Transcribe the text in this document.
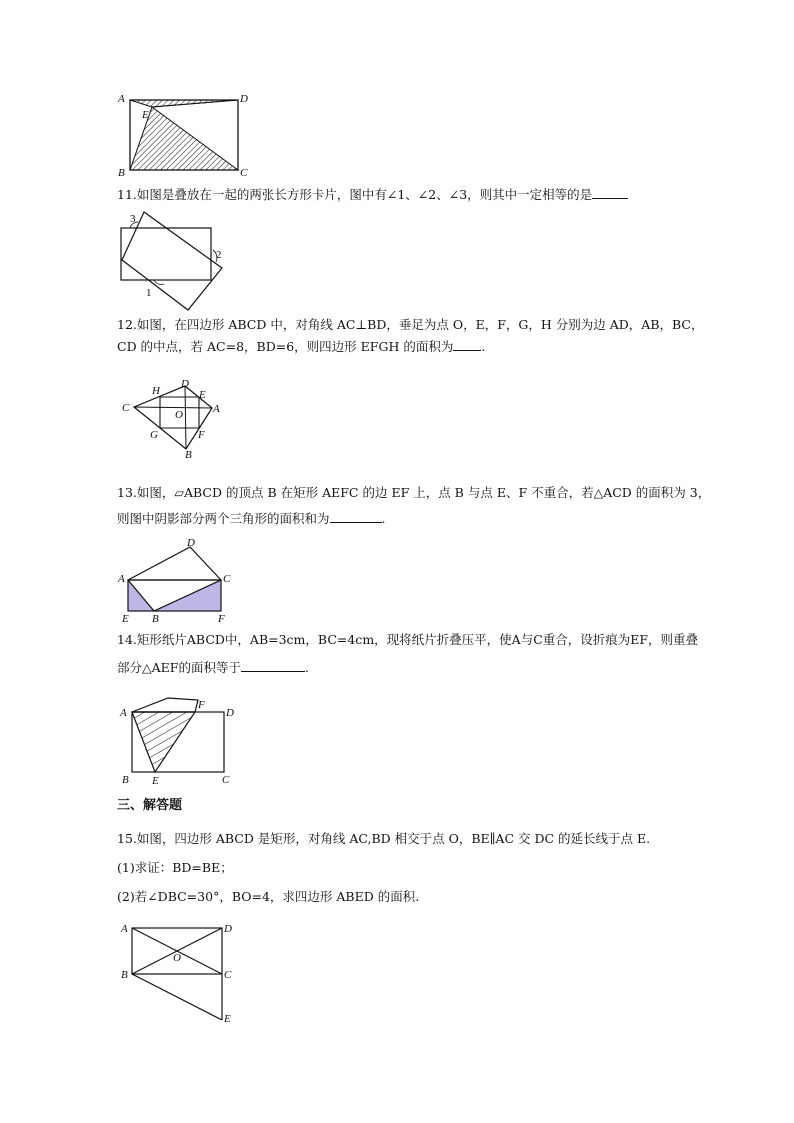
A	D
E
B	C
11.如图是叠放在一起的两张长方形卡片，图中有∠1、∠2、∠3，则其中一定相等的是
3
2
1
12.如图，在四边形 ABCD 中，对角线 AC⊥BD，垂足为点 O，E，F，G，H 分别为边 AD，AB，BC，
CD 的中点，若 AC=8，BD=6，则四边形 EFGH 的面积为 .
H
D
E
C
O	A
G	F
B
13.如图，▱ABCD 的顶点 B 在矩形 AEFC 的边 EF 上，点 B 与点 E、F 不重合，若△ACD 的面积为 3，
则图中阴影部分两个三角形的面积和为	.
A
D
C
E B	F
14.矩形纸片ABCD中，AB=3cm，BC=4cm，现将纸片折叠压平，使A与C重合，设折痕为EF，则重叠
部分△AEF的面积等于	.
A
F
D
B E	C
三、解答题
15.如图，四边形 ABCD 是矩形，对角线 AC,BD 相交于点 O，BE∥AC 交 DC 的延长线于点 E.
(1)求证：BD=BE；
(2)若∠DBC=30°，BO=4，求四边形 ABED 的面积.
A	D
O
B	C
E
